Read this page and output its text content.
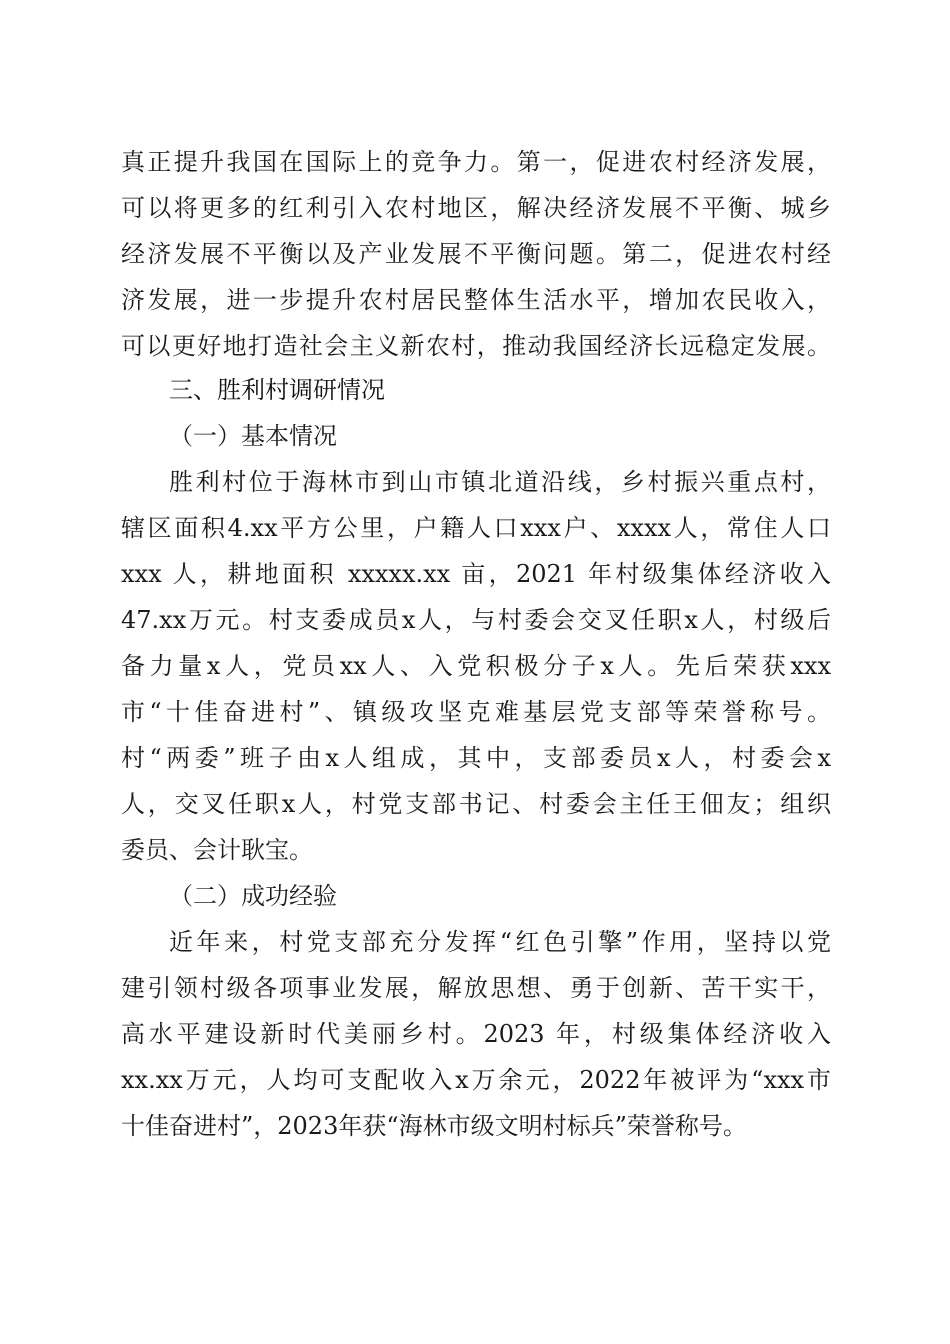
真正提升我国在国际上的竞争力。第一，促进农村经济发展，
可以将更多的红利引入农村地区，解决经济发展不平衡、城乡
经济发展不平衡以及产业发展不平衡问题。第二，促进农村经
济发展，进一步提升农村居民整体生活水平，增加农民收入，
可以更好地打造社会主义新农村，推动我国经济长远稳定发展。
三、胜利村调研情况
（一）基本情况
胜利村位于海林市到山市镇北道沿线，乡村振兴重点村，
辖区面积4.xx平方公里，户籍人口xxx户、xxxx人，常住人口
xxx 人，耕地面积 xxxxx.xx 亩，2021 年村级集体经济收入
47.xx万元。村支委成员x人，与村委会交叉任职x人，村级后
备力量x人，党员xx人、入党积极分子x人。先后荣获xxx
市“十佳奋进村”、镇级攻坚克难基层党支部等荣誉称号。
村“两委”班子由x人组成，其中，支部委员x人，村委会x
人，交叉任职x人，村党支部书记、村委会主任王佃友；组织
委员、会计耿宝。
（二）成功经验
近年来，村党支部充分发挥“红色引擎”作用，坚持以党
建引领村级各项事业发展，解放思想、勇于创新、苦干实干，
高水平建设新时代美丽乡村。2023 年，村级集体经济收入
xx.xx万元，人均可支配收入x万余元，2022年被评为“xxx市
十佳奋进村”，2023年获“海林市级文明村标兵”荣誉称号。
